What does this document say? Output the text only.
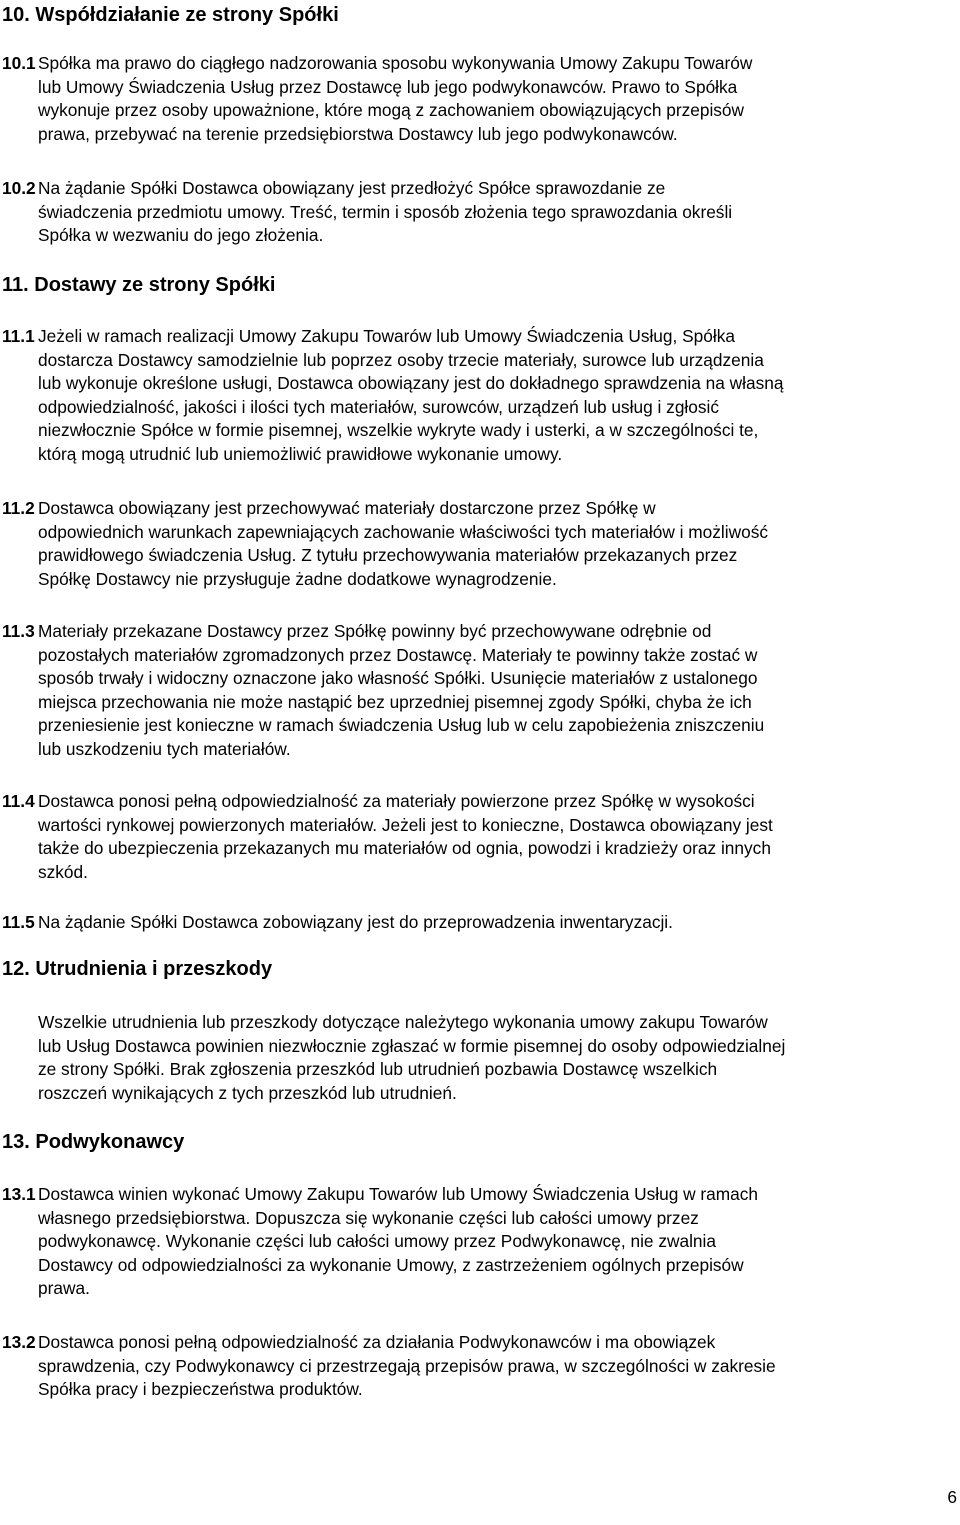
10. Współdziałanie ze strony Spółki
10.1 Spółka ma prawo do ciągłego nadzorowania sposobu wykonywania Umowy Zakupu Towarów
lub Umowy Świadczenia Usług przez Dostawcę lub jego podwykonawców. Prawo to Spółka
wykonuje przez osoby upoważnione, które mogą z zachowaniem obowiązujących przepisów
prawa, przebywać na terenie przedsiębiorstwa Dostawcy lub jego podwykonawców.
10.2 Na żądanie Spółki Dostawca obowiązany jest przedłożyć Spółce sprawozdanie ze
świadczenia przedmiotu umowy. Treść, termin i sposób złożenia tego sprawozdania określi
Spółka w wezwaniu do jego złożenia.
11. Dostawy ze strony Spółki
11.1 Jeżeli w ramach realizacji Umowy Zakupu Towarów lub Umowy Świadczenia Usług, Spółka
dostarcza Dostawcy samodzielnie lub poprzez osoby trzecie materiały, surowce lub urządzenia
lub wykonuje określone usługi, Dostawca obowiązany jest do dokładnego sprawdzenia na własną
odpowiedzialność, jakości i ilości tych materiałów, surowców, urządzeń lub usług i zgłosić
niezwłocznie Spółce w formie pisemnej, wszelkie wykryte wady i usterki, a w szczególności te,
którą mogą utrudnić lub uniemożliwić prawidłowe wykonanie umowy.
11.2 Dostawca obowiązany jest przechowywać materiały dostarczone przez Spółkę w
odpowiednich warunkach zapewniających zachowanie właściwości tych materiałów i możliwość
prawidłowego świadczenia Usług. Z tytułu przechowywania materiałów przekazanych przez
Spółkę Dostawcy nie przysługuje żadne dodatkowe wynagrodzenie.
11.3 Materiały przekazane Dostawcy przez Spółkę powinny być przechowywane odrębnie od
pozostałych materiałów zgromadzonych przez Dostawcę. Materiały te powinny także zostać w
sposób trwały i widoczny oznaczone jako własność Spółki. Usunięcie materiałów z ustalonego
miejsca przechowania nie może nastąpić bez uprzedniej pisemnej zgody Spółki, chyba że ich
przeniesienie jest konieczne w ramach świadczenia Usług lub w celu zapobieżenia zniszczeniu
lub uszkodzeniu tych materiałów.
11.4 Dostawca ponosi pełną odpowiedzialność za materiały powierzone przez Spółkę w wysokości
wartości rynkowej powierzonych materiałów. Jeżeli jest to konieczne, Dostawca obowiązany jest
także do ubezpieczenia przekazanych mu materiałów od ognia, powodzi i kradzieży oraz innych
szkód.
11.5 Na żądanie Spółki Dostawca zobowiązany jest do przeprowadzenia inwentaryzacji.
12. Utrudnienia i przeszkody
Wszelkie utrudnienia lub przeszkody dotyczące należytego wykonania umowy zakupu Towarów
lub Usług Dostawca powinien niezwłocznie zgłaszać w formie pisemnej do osoby odpowiedzialnej
ze strony Spółki. Brak zgłoszenia przeszkód lub utrudnień pozbawia Dostawcę wszelkich
roszczeń wynikających z tych przeszkód lub utrudnień.
13. Podwykonawcy
13.1 Dostawca winien wykonać Umowy Zakupu Towarów lub Umowy Świadczenia Usług w ramach
własnego przedsiębiorstwa. Dopuszcza się wykonanie części lub całości umowy przez
podwykonawcę. Wykonanie części lub całości umowy przez Podwykonawcę, nie zwalnia
Dostawcy od odpowiedzialności za wykonanie Umowy, z zastrzeżeniem ogólnych przepisów
prawa.
13.2 Dostawca ponosi pełną odpowiedzialność za działania Podwykonawców i ma obowiązek
sprawdzenia, czy Podwykonawcy ci przestrzegają przepisów prawa, w szczególności w zakresie
Spółka pracy i bezpieczeństwa produktów.
6
